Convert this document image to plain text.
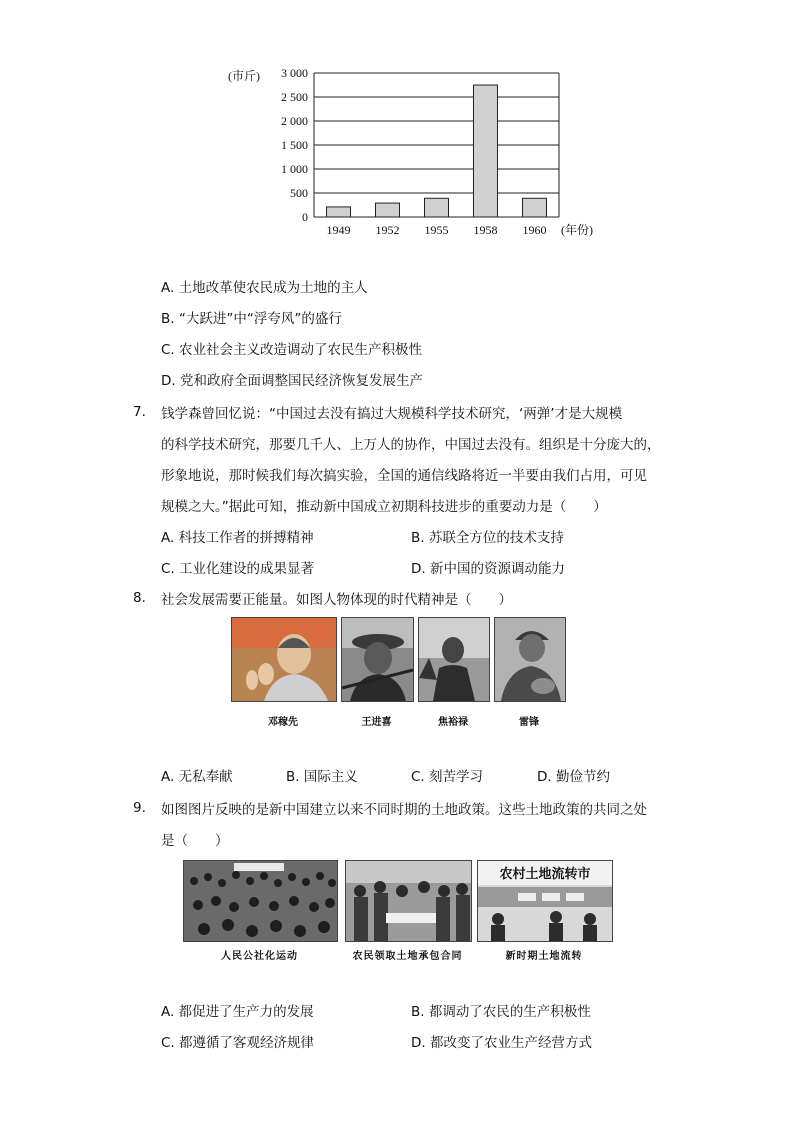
(市斤)
0
500
1 000
1 500
2 000
2 500
3 000
1949 1952 1955 1958 1960 (年份)
A. 土地改革使农民成为土地的主人
B. “大跃进”中“浮夸风”的盛行
C. 农业社会主义改造调动了农民生产积极性
D. 党和政府全面调整国民经济恢复发展生产
7. 钱学森曾回忆说：“中国过去没有搞过大规模科学技术研究，‘两弹’才是大规模
的科学技术研究，那要几千人、上万人的协作，中国过去没有。组织是十分庞大的，
形象地说，那时候我们每次搞实验，全国的通信线路将近一半要由我们占用，可见
规模之大。”据此可知，推动新中国成立初期科技进步的重要动力是（　　）
A. 科技工作者的拼搏精神	B. 苏联全方位的技术支持
C. 工业化建设的成果显著	D. 新中国的资源调动能力
8. 社会发展需要正能量。如图人物体现的时代精神是（　　）
邓稼先	王进喜	焦裕禄	雷锋
A. 无私奉献	B. 国际主义	C. 刻苦学习	D. 勤俭节约
9. 如图图片反映的是新中国建立以来不同时期的土地政策。这些土地政策的共同之处
是（　　）
农村土地流转市
人民公社化运动	农民领取土地承包合同	新时期土地流转
A. 都促进了生产力的发展	B. 都调动了农民的生产积极性
C. 都遵循了客观经济规律	D. 都改变了农业生产经营方式
